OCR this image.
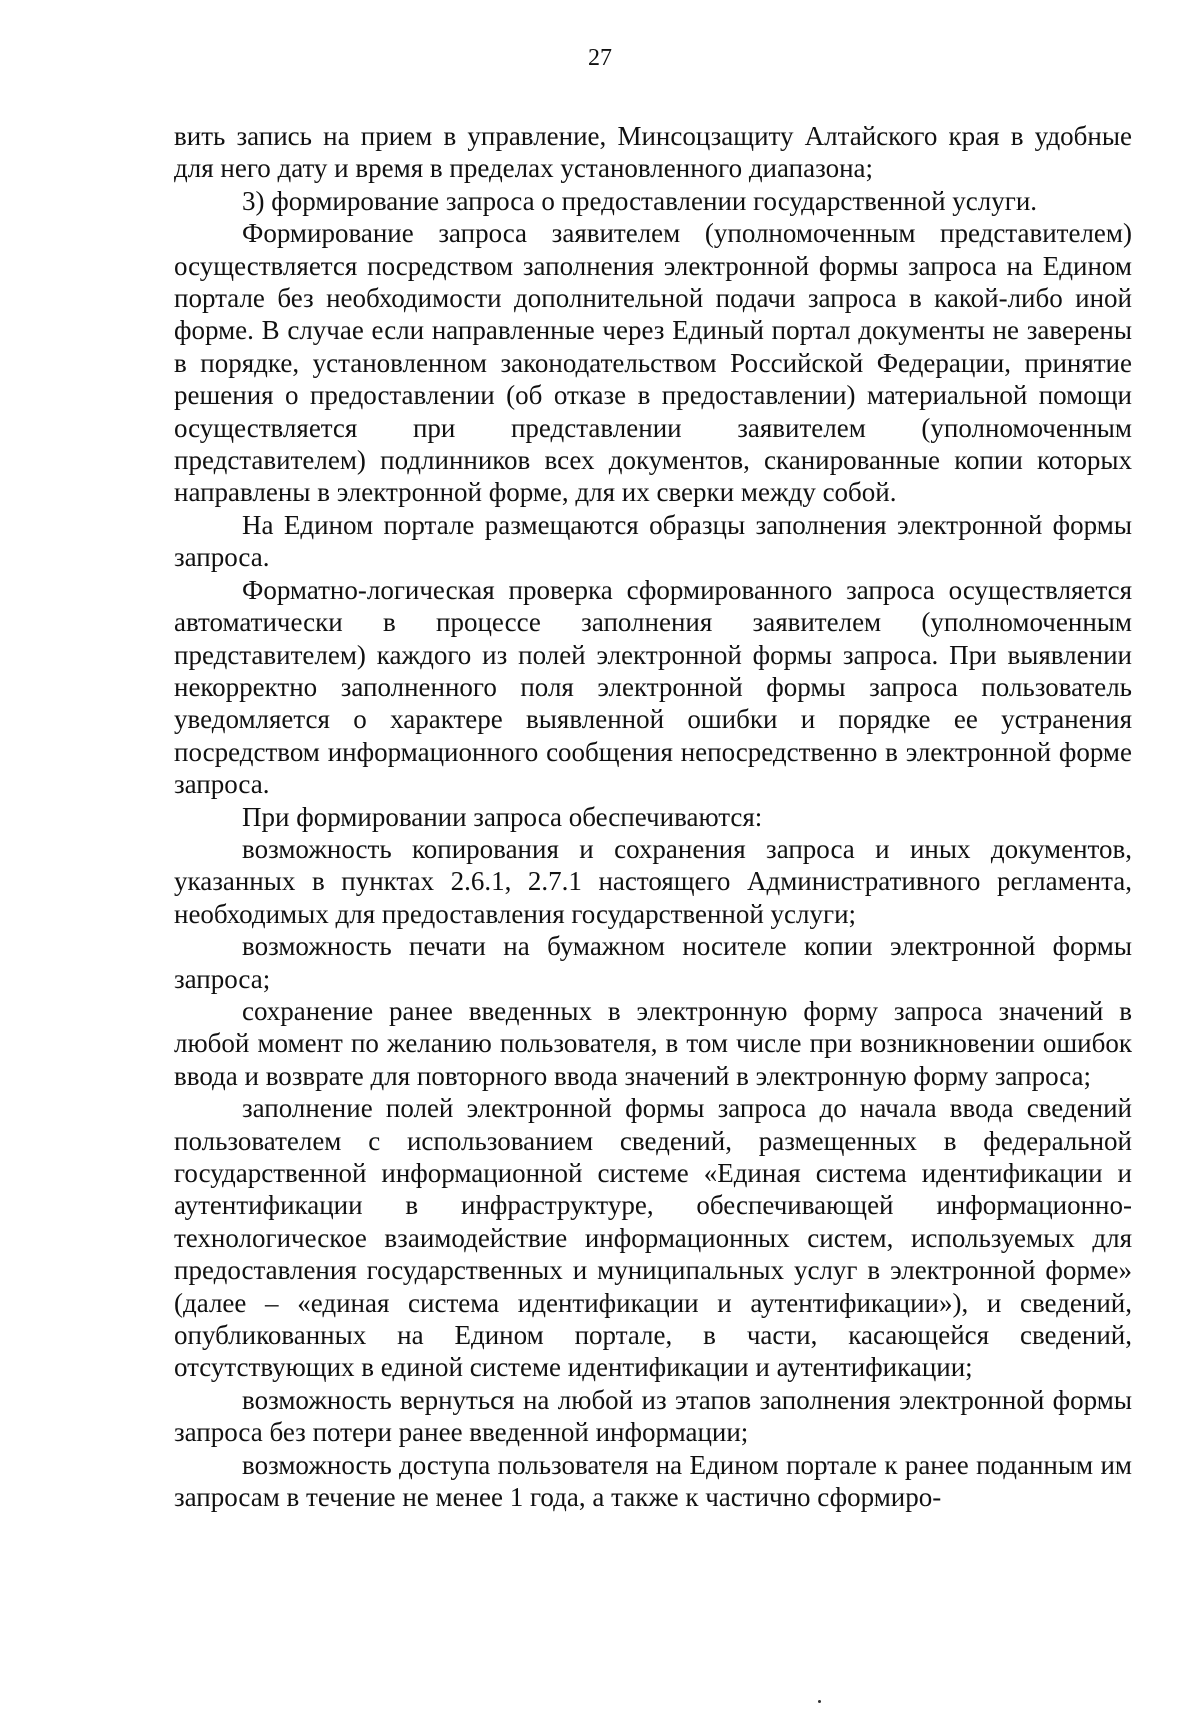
27

вить запись на прием в управление, Минсоцзащиту Алтайского края в удобные для него дату и время в пределах установленного диапазона;

3) формирование запроса о предоставлении государственной услуги.

Формирование запроса заявителем (уполномоченным представителем) осуществляется посредством заполнения электронной формы запроса на Едином портале без необходимости дополнительной подачи запроса в какой-либо иной форме. В случае если направленные через Единый портал документы не заверены в порядке, установленном законодательством Российской Федерации, принятие решения о предоставлении (об отказе в предоставлении) материальной помощи осуществляется при представлении заявителем (уполномоченным представителем) подлинников всех документов, сканированные копии которых направлены в электронной форме, для их сверки между собой.

На Едином портале размещаются образцы заполнения электронной формы запроса.

Форматно-логическая проверка сформированного запроса осуществляется автоматически в процессе заполнения заявителем (уполномоченным представителем) каждого из полей электронной формы запроса. При выявлении некорректно заполненного поля электронной формы запроса пользователь уведомляется о характере выявленной ошибки и порядке ее устранения посредством информационного сообщения непосредственно в электронной форме запроса.

При формировании запроса обеспечиваются:

возможность копирования и сохранения запроса и иных документов, указанных в пунктах 2.6.1, 2.7.1 настоящего Административного регламента, необходимых для предоставления государственной услуги;

возможность печати на бумажном носителе копии электронной формы запроса;

сохранение ранее введенных в электронную форму запроса значений в любой момент по желанию пользователя, в том числе при возникновении ошибок ввода и возврате для повторного ввода значений в электронную форму запроса;

заполнение полей электронной формы запроса до начала ввода сведений пользователем с использованием сведений, размещенных в федеральной государственной информационной системе «Единая система идентификации и аутентификации в инфраструктуре, обеспечивающей информационно-технологическое взаимодействие информационных систем, используемых для предоставления государственных и муниципальных услуг в электронной форме» (далее – «единая система идентификации и аутентификации»), и сведений, опубликованных на Едином портале, в части, касающейся сведений, отсутствующих в единой системе идентификации и аутентификации;

возможность вернуться на любой из этапов заполнения электронной формы запроса без потери ранее введенной информации;

возможность доступа пользователя на Едином портале к ранее поданным им запросам в течение не менее 1 года, а также к частично сформиро-
